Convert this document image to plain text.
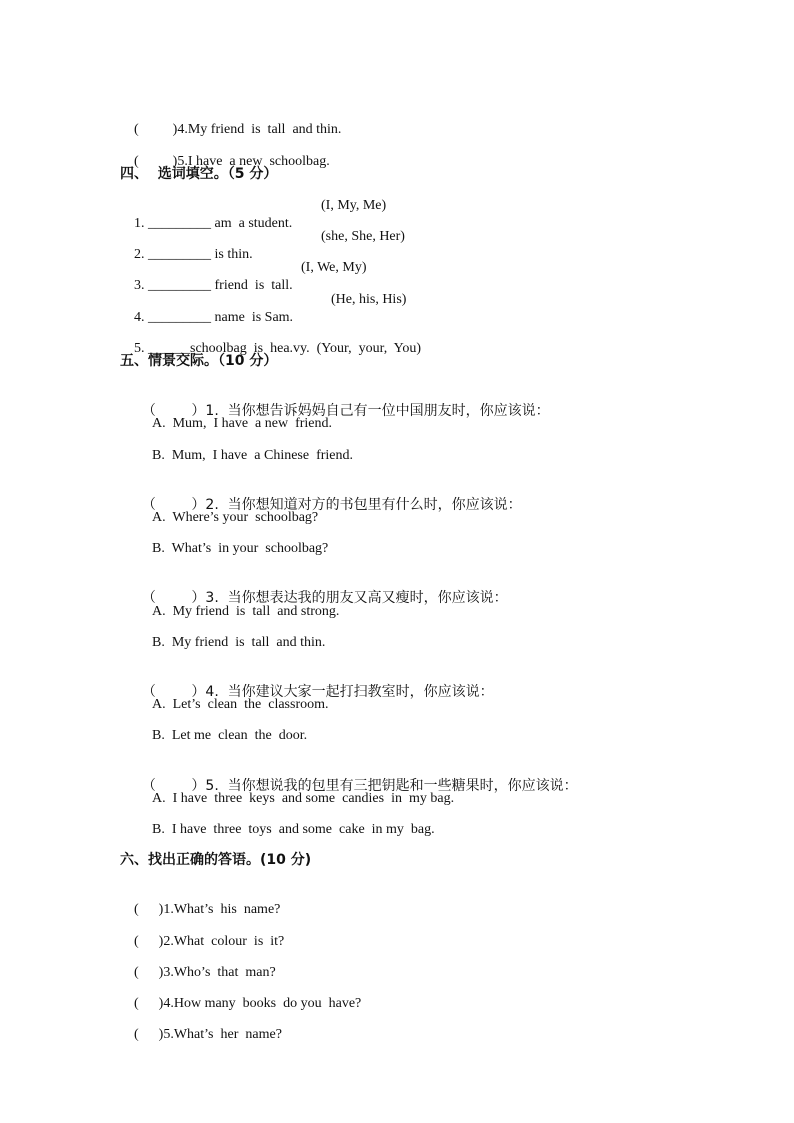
( )4.My friend  is  tall  and thin.

( )5.I have  a new  schoolbag.

四、  选词填空。（5 分）

1. _________ am  a student.

(I, My, Me)

2. _________ is thin.

(she, She, Her)

3. _________ friend  is  tall.

(I, We, My)

4. _________ name  is Sam.

(He, his, His)

5. ______schoolbag  is  hea.vy.  (Your,  your,  You)

五、情景交际。（10 分）

（        ）1.  当你想告诉妈妈自己有一位中国朋友时，你应该说：

A.  Mum,  I have  a new  friend.
B.  Mum,  I have  a Chinese  friend.

（        ）2.  当你想知道对方的书包里有什么时，你应该说：

A.  Where’s your  schoolbag?
B.  What’s  in your  schoolbag?

（        ）3.  当你想表达我的朋友又高又瘦时，你应该说：

A.  My friend  is  tall  and strong.
B.  My friend  is  tall  and thin.

（        ）4.  当你建议大家一起打扫教室时，你应该说：

A.  Let’s  clean  the  classroom.
B.  Let me  clean  the  door.

（        ）5.  当你想说我的包里有三把钥匙和一些糖果时，你应该说：

A.  I have  three  keys  and some  candies  in  my bag.
B.  I have  three  toys  and some  cake  in my  bag.
六、找出正确的答语。(10 分)

( )1.What’s  his  name?

( )2.What  colour  is  it?

( )3.Who’s  that  man?

( )4.How many  books  do you  have?

( )5.What’s  her  name?
